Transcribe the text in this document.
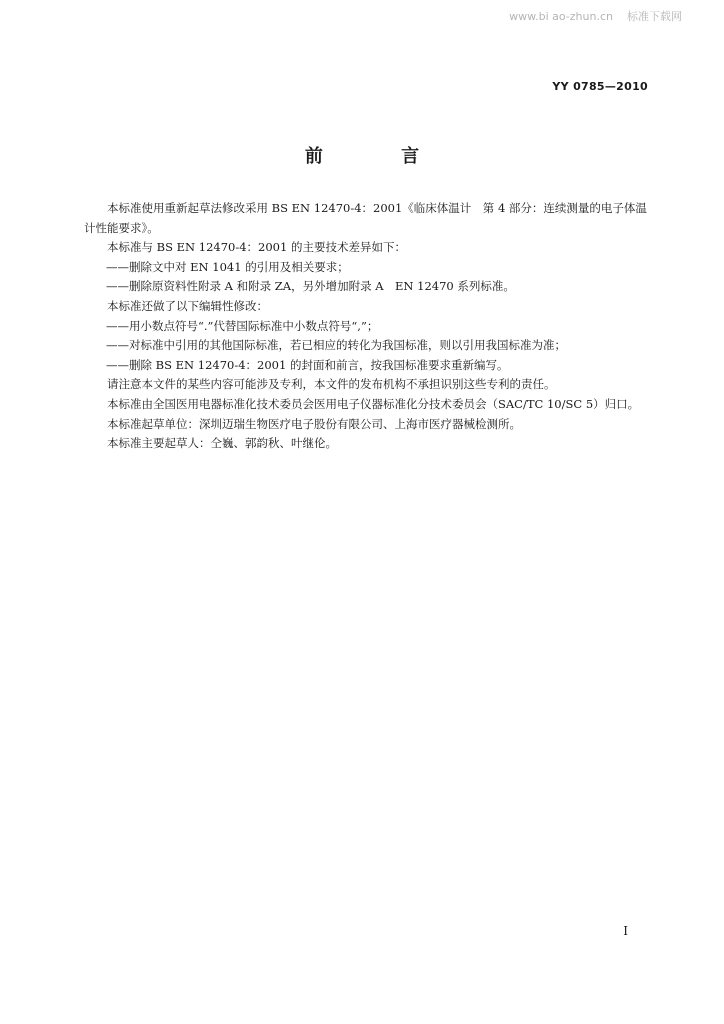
www.bi ao-zhun.cn 标准下载网
YY 0785—2010
前 言

本标准使用重新起草法修改采用 BS EN 12470-4：2001《临床体温计　第 4 部分：连续测量的电子体温计性能要求》。

本标准与 BS EN 12470-4：2001 的主要技术差异如下：

——删除文中对 EN 1041 的引用及相关要求；

——删除原资料性附录 A 和附录 ZA，另外增加附录 A　EN 12470 系列标准。

本标准还做了以下编辑性修改：

——用小数点符号“.”代替国际标准中小数点符号“,”；

——对标准中引用的其他国际标准，若已相应的转化为我国标准，则以引用我国标准为准；

——删除 BS EN 12470-4：2001 的封面和前言，按我国标准要求重新编写。

请注意本文件的某些内容可能涉及专利，本文件的发布机构不承担识别这些专利的责任。

本标准由全国医用电器标准化技术委员会医用电子仪器标准化分技术委员会（SAC/TC 10/SC 5）归口。

本标准起草单位：深圳迈瑞生物医疗电子股份有限公司、上海市医疗器械检测所。

本标准主要起草人：仝巍、郭韵秋、叶继伦。

I
